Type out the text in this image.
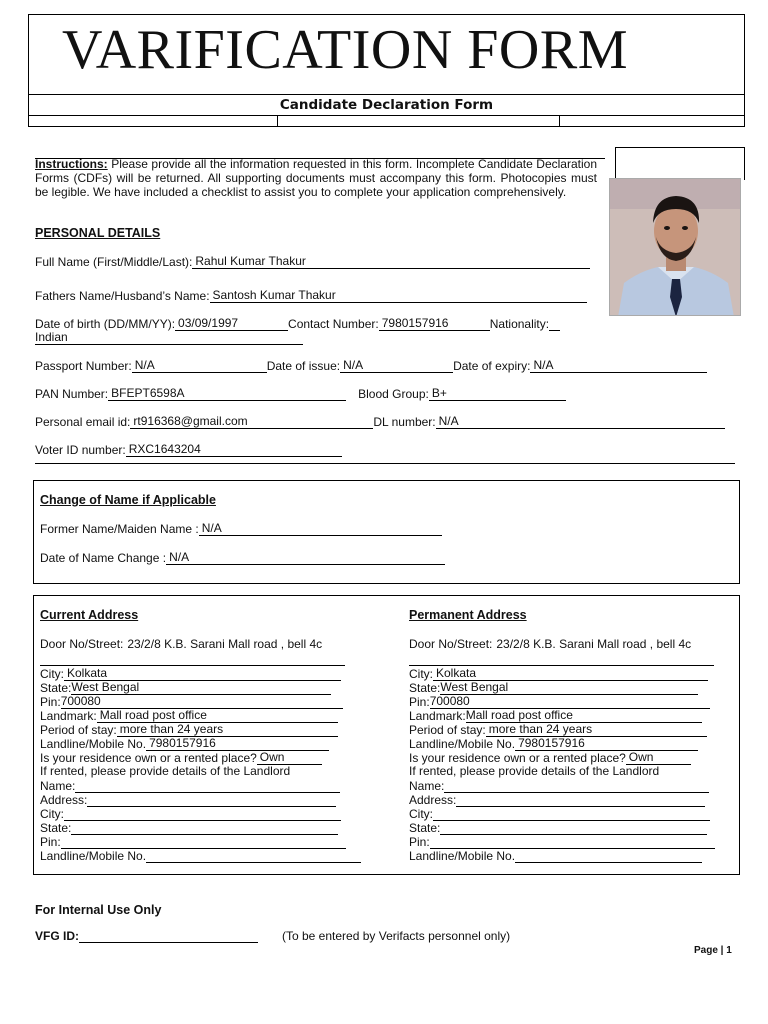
VARIFICATION FORM
Candidate Declaration Form
Instructions: Please provide all the information requested in this form. Incomplete Candidate Declaration Forms (CDFs) will be returned. All supporting documents must accompany this form. Photocopies must be legible. We have included a checklist to assist you to complete your application comprehensively.
PERSONAL DETAILS
Full Name (First/Middle/Last): Rahul Kumar Thakur
Fathers Name/Husband’s Name: Santosh Kumar Thakur
Date of birth (DD/MM/YY): 03/09/1997	Contact Number: 7980157916	Nationality:
Indian
Passport Number: N/A	Date of issue: N/A	Date of expiry: N/A
PAN Number: BFEPT6598A	Blood Group: B+
Personal email id: rt916368@gmail.com	DL number: N/A
Voter ID number: RXC1643204
Change of Name if Applicable
Former Name/Maiden Name : N/A
Date of Name Change : N/A
Current Address
Door No/Street: 23/2/8 K.B. Sarani Mall road , bell 4c
City: Kolkata
State: West Bengal
Pin: 700080
Landmark: Mall road post office
Period of stay: more than 24 years
Landline/Mobile No. 7980157916
Is your residence own or a rented place? Own
If rented, please provide details of the Landlord
Name:
Address:
City:
State:
Pin:
Landline/Mobile No.
Permanent Address
Door No/Street: 23/2/8 K.B. Sarani Mall road , bell 4c
City: Kolkata
State: West Bengal
Pin: 700080
Landmark: Mall road post office
Period of stay: more than 24 years
Landline/Mobile No. 7980157916
Is your residence own or a rented place? Own
If rented, please provide details of the Landlord
Name:
Address:
City:
State:
Pin:
Landline/Mobile No.
For Internal Use Only
VFG ID:	(To be entered by Verifacts personnel only)
Page | 1
